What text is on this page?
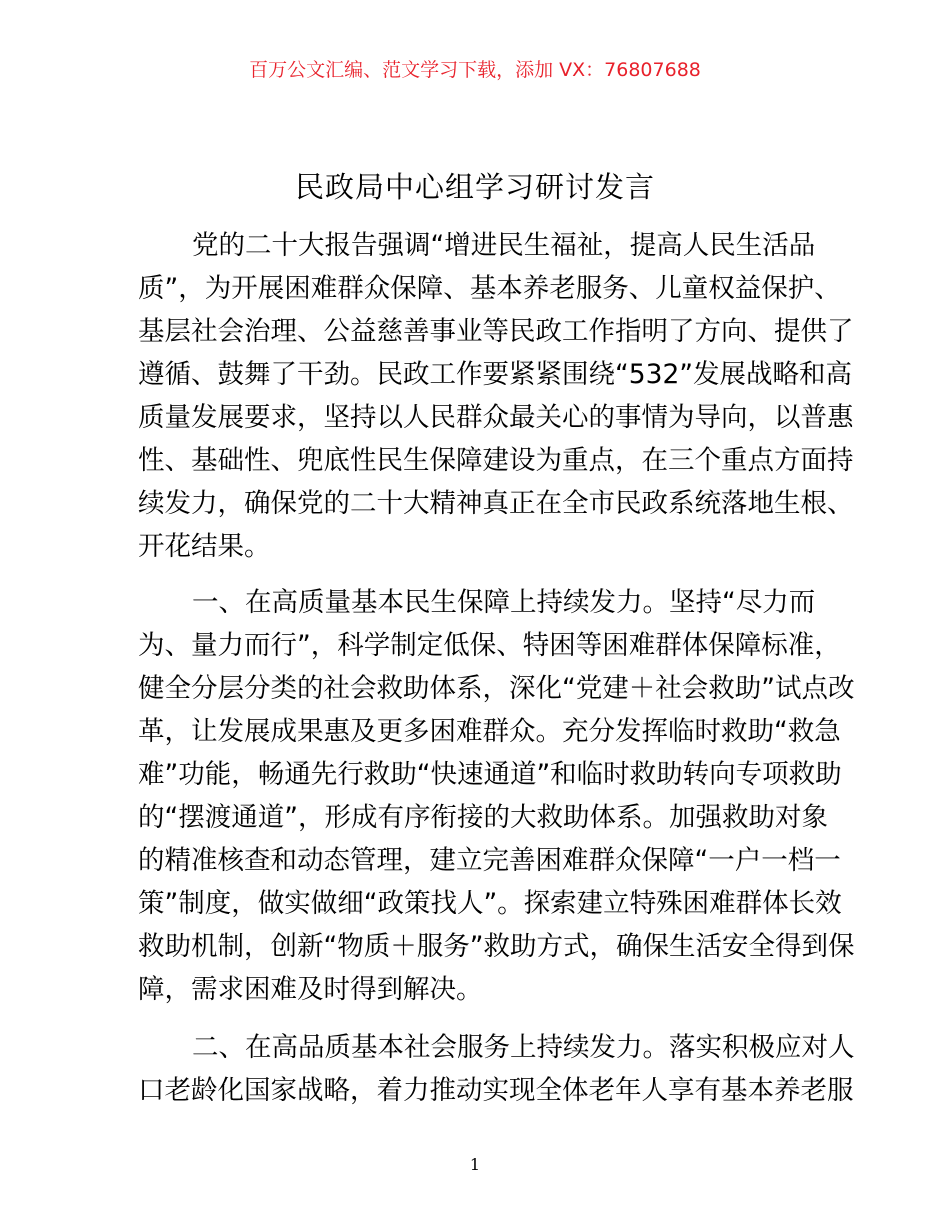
百万公文汇编、范文学习下载，添加 VX：76807688
民政局中心组学习研讨发言
党的二十大报告强调“增进民生福祉，提高人民生活品
质”，为开展困难群众保障、基本养老服务、儿童权益保护、
基层社会治理、公益慈善事业等民政工作指明了方向、提供了
遵循、鼓舞了干劲。民政工作要紧紧围绕“532”发展战略和高
质量发展要求，坚持以人民群众最关心的事情为导向，以普惠
性、基础性、兜底性民生保障建设为重点，在三个重点方面持
续发力，确保党的二十大精神真正在全市民政系统落地生根、
开花结果。
一、在高质量基本民生保障上持续发力。坚持“尽力而
为、量力而行”，科学制定低保、特困等困难群体保障标准，
健全分层分类的社会救助体系，深化“党建＋社会救助”试点改
革，让发展成果惠及更多困难群众。充分发挥临时救助“救急
难”功能，畅通先行救助“快速通道”和临时救助转向专项救助
的“摆渡通道”，形成有序衔接的大救助体系。加强救助对象
的精准核查和动态管理，建立完善困难群众保障“一户一档一
策”制度，做实做细“政策找人”。探索建立特殊困难群体长效
救助机制，创新“物质＋服务”救助方式，确保生活安全得到保
障，需求困难及时得到解决。
二、在高品质基本社会服务上持续发力。落实积极应对人
口老龄化国家战略，着力推动实现全体老年人享有基本养老服
1
